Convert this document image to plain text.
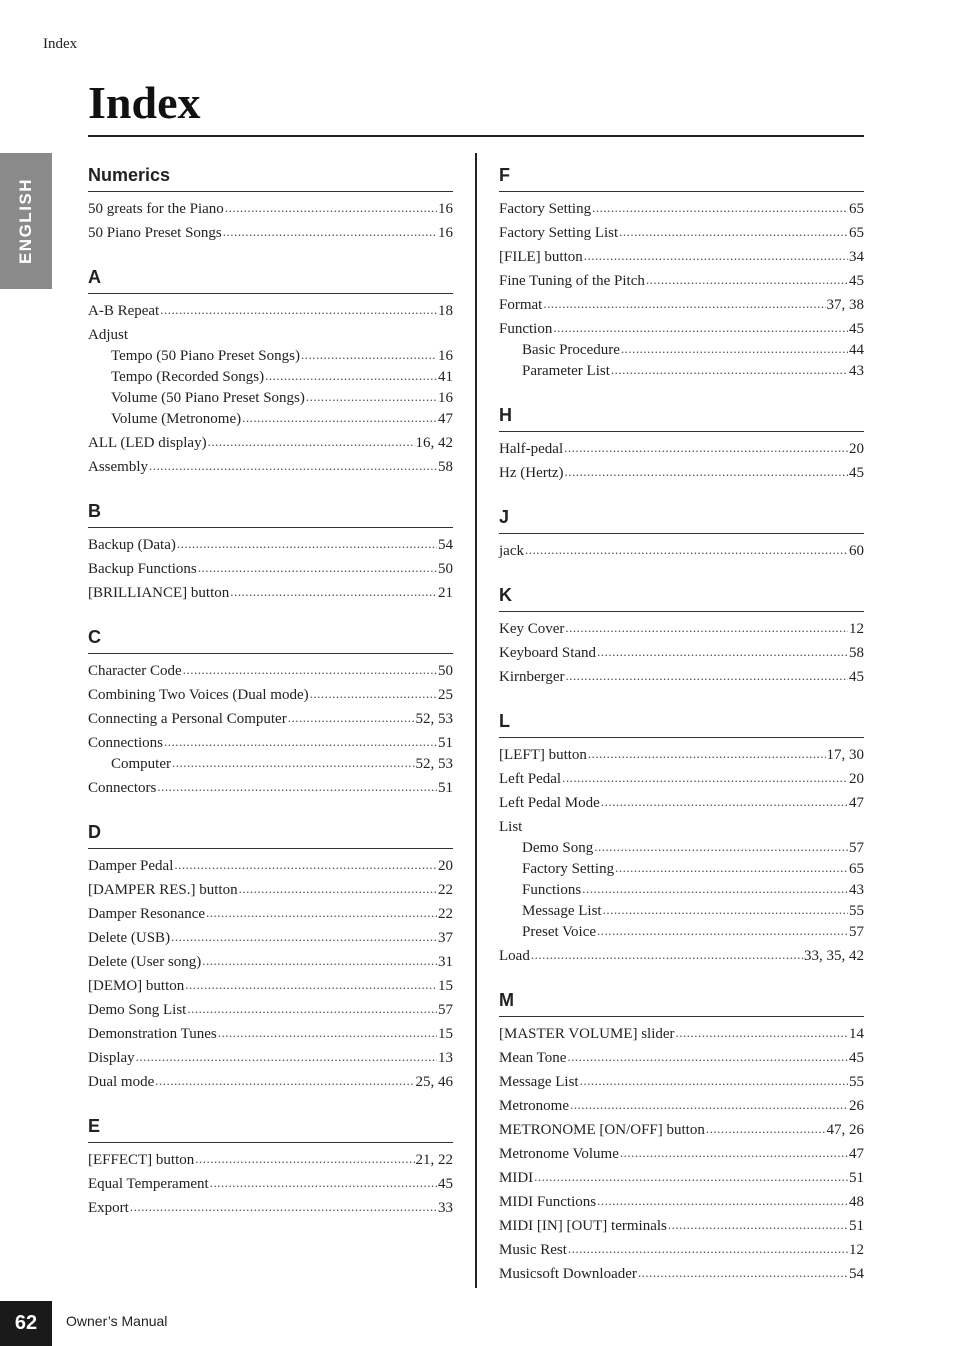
Index
Index
ENGLISH
Numerics
50 greats for the Piano .....	16
50 Piano Preset Songs .....	16
A
A-B Repeat .....	18
Adjust
Tempo (50 Piano Preset Songs) .....	16
Tempo (Recorded Songs) .....	41
Volume (50 Piano Preset Songs) .....	16
Volume (Metronome) .....	47
ALL (LED display) .....	16, 42
Assembly .....	58
B
Backup (Data) .....	54
Backup Functions .....	50
[BRILLIANCE] button .....	21
C
Character Code .....	50
Combining Two Voices (Dual mode) .....	25
Connecting a Personal Computer .....	52, 53
Connections .....	51
Computer .....	52, 53
Connectors .....	51
D
Damper Pedal .....	20
[DAMPER RES.] button .....	22
Damper Resonance .....	22
Delete (USB) .....	37
Delete (User song) .....	31
[DEMO] button .....	15
Demo Song List .....	57
Demonstration Tunes .....	15
Display .....	13
Dual mode .....	25, 46
E
[EFFECT] button .....	21, 22
Equal Temperament .....	45
Export .....	33
F
Factory Setting .....	65
Factory Setting List .....	65
[FILE] button .....	34
Fine Tuning of the Pitch .....	45
Format .....	37, 38
Function .....	45
Basic Procedure .....	44
Parameter List .....	43
H
Half-pedal .....	20
Hz (Hertz) .....	45
J
jack .....	60
K
Key Cover .....	12
Keyboard Stand .....	58
Kirnberger .....	45
L
[LEFT] button .....	17, 30
Left Pedal .....	20
Left Pedal Mode .....	47
List
Demo Song .....	57
Factory Setting .....	65
Functions .....	43
Message List .....	55
Preset Voice .....	57
Load .....	33, 35, 42
M
[MASTER VOLUME] slider .....	14
Mean Tone .....	45
Message List .....	55
Metronome .....	26
METRONOME [ON/OFF] button .....	47, 26
Metronome Volume .....	47
MIDI .....	51
MIDI Functions .....	48
MIDI [IN] [OUT] terminals .....	51
Music Rest .....	12
Musicsoft Downloader .....	54
62	Owner’s Manual
